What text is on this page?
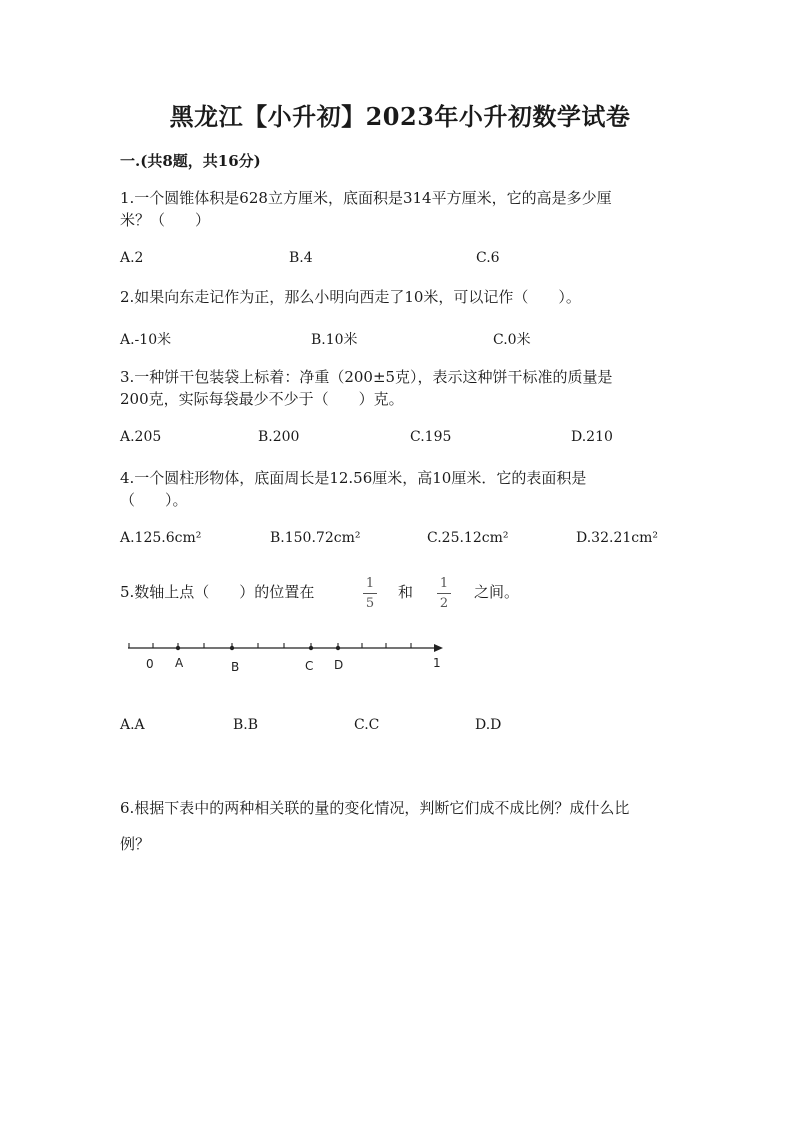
黑龙江【小升初】2023年小升初数学试卷
一.(共8题，共16分)
1.一个圆锥体积是628立方厘米，底面积是314平方厘米，它的高是多少厘
米？（　　）
A.2	B.4	C.6
2.如果向东走记作为正，那么小明向西走了10米，可以记作（　　）。
A.-10米	B.10米	C.0米
3.一种饼干包装袋上标着：净重（200±5克），表示这种饼干标准的质量是
200克，实际每袋最少不少于（　　）克。
A.205	B.200	C.195	D.210
4.一个圆柱形物体，底面周长是12.56厘米，高10厘米．它的表面积是
（　　）。
A.125.6cm²	B.150.72cm²	C.25.12cm²	D.32.21cm²
5.数轴上点（　　）的位置在	1
5
和 1
2
之间。
0 A	B	C D	1
A.A	B.B	C.C	D.D
6.根据下表中的两种相关联的量的变化情况，判断它们成不成比例？成什么比
例？
